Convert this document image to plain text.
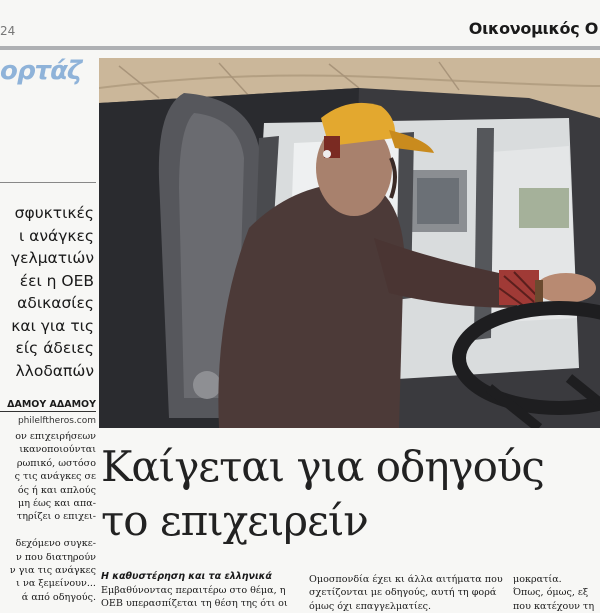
24	Οικονομικός Ο
ορτάζ
σφυκτικές
ι ανάγκες
γελματιών
έει η ΟΕΒ
αδικασίες
και για τις
είς άδειες
λλοδαπών
ΔΑΜΟΥ ΑΔΑΜΟΥ
philelftheros.com
ον επιχειρήσεων
ικανοποιούνται
ρωπικό, ωστόσο
ς τις ανάγκες σε
ός ή και απλούς
μη έως και απα-
τηρίζει ο επιχει-
δεχόμενο συγκε-
ν που διατηρούν
ν για τις ανάγκες
ι να ξεμείνουν...
ά από οδηγούς.
Καίγεται για οδηγούς
το επιχειρείν
Η καθυστέρηση και τα ελληνικά
Εμβαθύνοντας περαιτέρω στο θέμα, η
ΟΕΒ υπερασπίζεται τη θέση της ότι οι
Ομοσπονδία έχει κι άλλα αιτήματα που
σχετίζονται με οδηγούς, αυτή τη φορά
όμως όχι επαγγελματίες.
μοκρατία.
Όπως, όμως, εξ
που κατέχουν τη
